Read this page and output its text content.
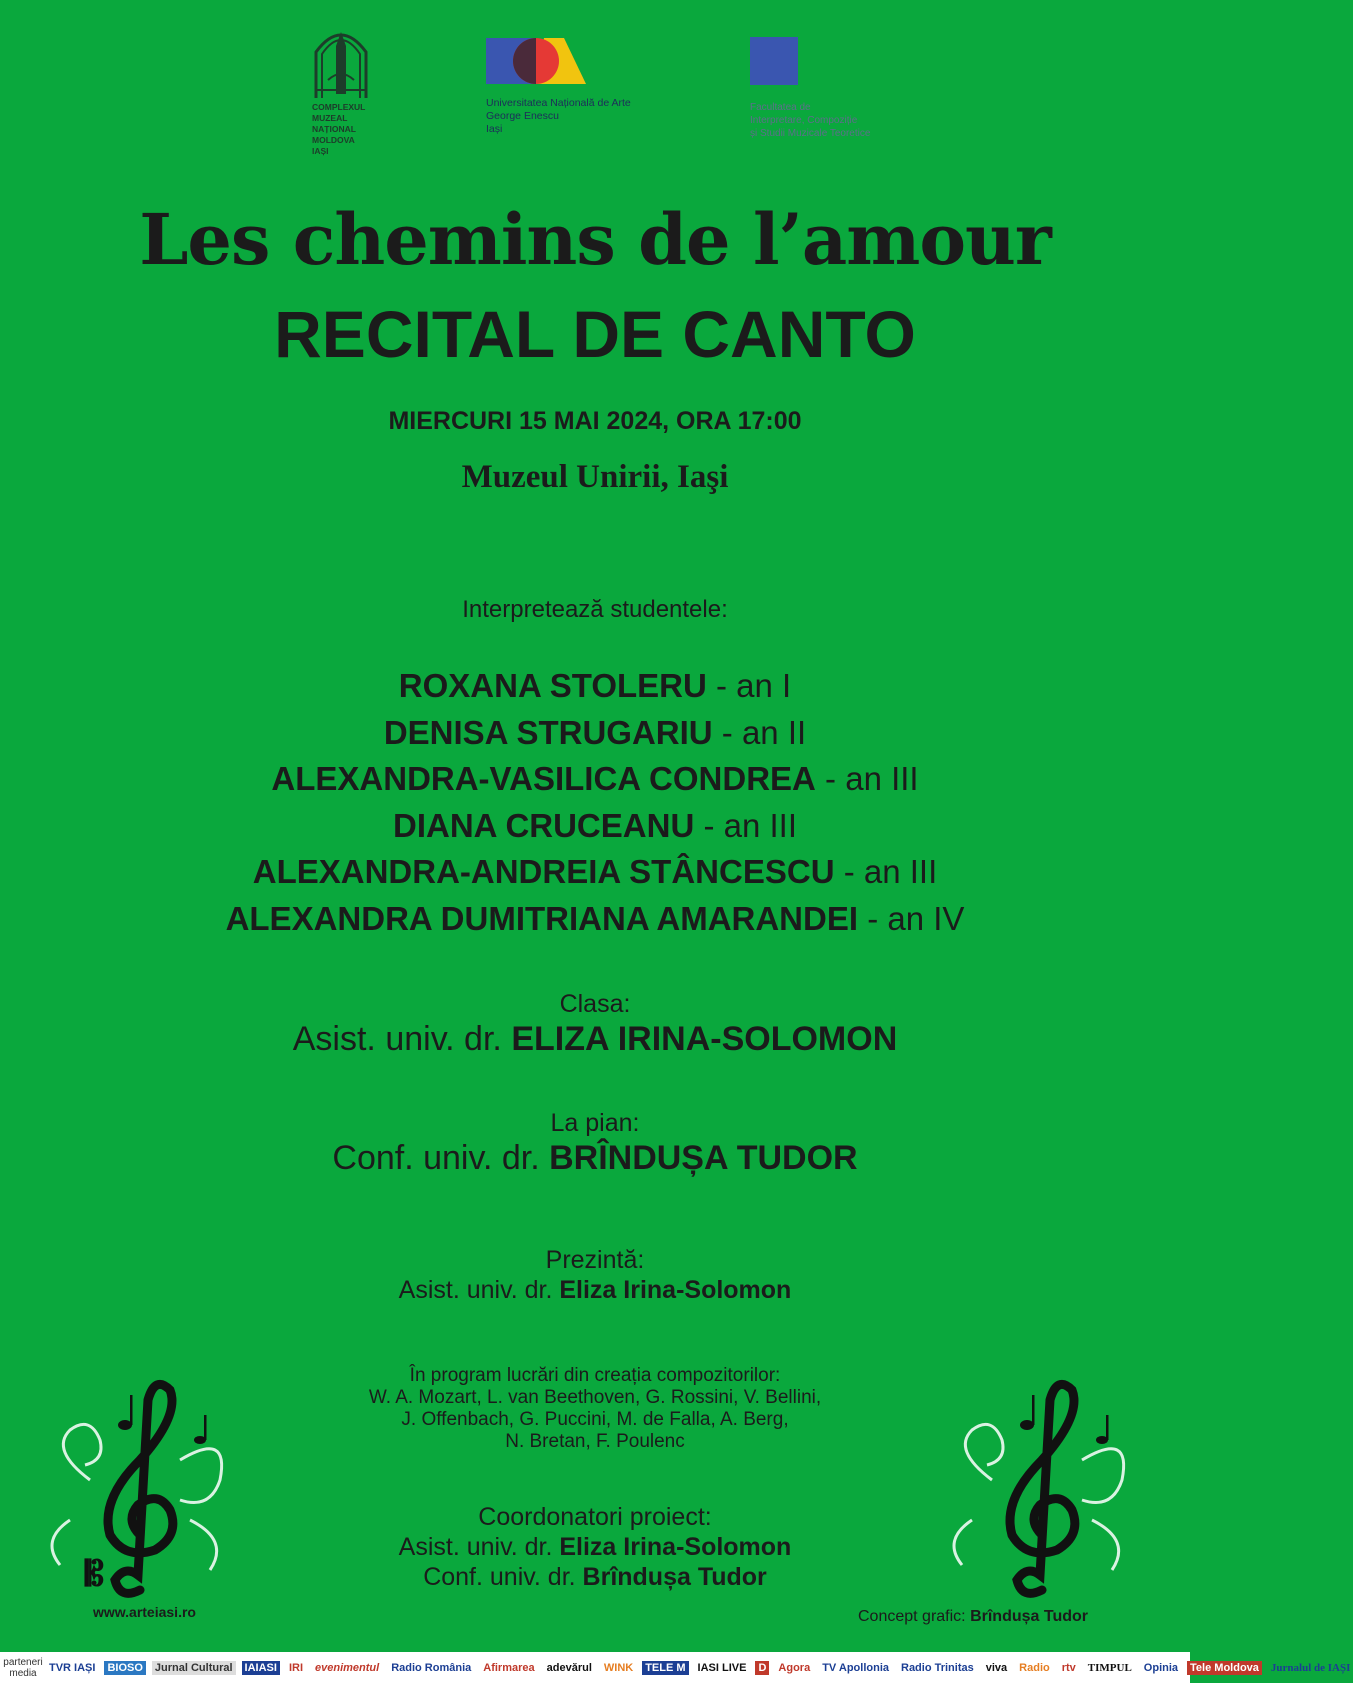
COMPLEXUL
MUZEAL
NAȚIONAL
MOLDOVA
IAȘI
Universitatea Națională de Arte
George Enescu
Iași
Facultatea de
Interpretare, Compoziție
și Studii Muzicale Teoretice
Les chemins de l’amour
RECITAL DE CANTO
MIERCURI 15 MAI 2024, ORA 17:00
Muzeul Unirii, Iaşi
Interpretează studentele:
ROXANA STOLERU - an I
DENISA STRUGARIU - an II
ALEXANDRA-VASILICA CONDREA - an III
DIANA CRUCEANU - an III
ALEXANDRA-ANDREIA STÂNCESCU - an III
ALEXANDRA DUMITRIANA AMARANDEI - an IV
Clasa:
Asist. univ. dr. ELIZA IRINA-SOLOMON
La pian:
Conf. univ. dr. BRÎNDUȘA TUDOR
Prezintă:
Asist. univ. dr. Eliza Irina-Solomon
În program lucrări din creația compozitorilor:
W. A. Mozart, L. van Beethoven, G. Rossini, V. Bellini,
J. Offenbach, G. Puccini, M. de Falla, A. Berg,
N. Bretan, F. Poulenc
Coordonatori proiect:
Asist. univ. dr. Eliza Irina-Solomon
Conf. univ. dr. Brîndușa Tudor
𝄡
www.arteiasi.ro	Concept grafic: Brîndușa Tudor
parteneri media	TVR IAȘI BIOSO Jurnal Cultural IAIASI IRI evenimentul Radio România Afirmarea adevărul WINK TELE M IASI LIVE D Agora TV Apollonia Radio Trinitas viva Radio rtv TIMPUL Opinia Tele Moldova Jurnalul de IAȘI
